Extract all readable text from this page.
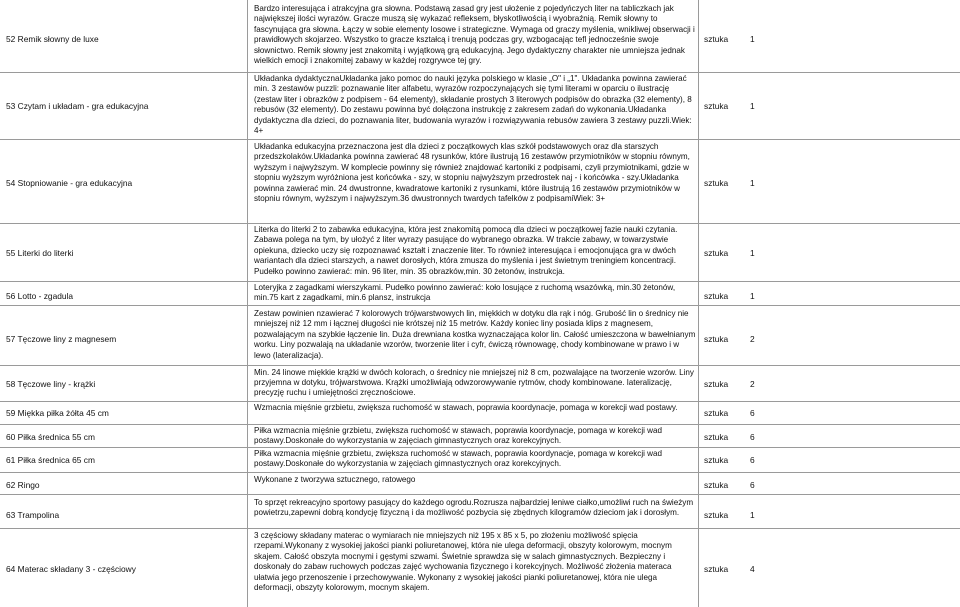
52 Remik słowny de luxe
Bardzo interesująca i atrakcyjna gra słowna. Podstawą zasad gry jest ułożenie z pojedyńczych liter na tabliczkach jak największej ilości wyrazów. Gracze muszą się wykazać refleksem, błyskotliwością i wyobraźnią. Remik słowny to fascynująca gra słowna. Łączy w sobie elementy losowe i strategiczne. Wymaga od graczy myślenia, wnikliwej obserwacji i prawidłowych skojarzeo. Wszystko to gracze kształcą i trenują podczas gry, wzbogacając tefl jednocześnie swoje słownictwo. Remik słowny jest znakomitą i wyjątkową grą edukacyjną. Jego dydaktyczny charakter nie umniejsza jednak wielkich emocji i znakomitej zabawy w każdej rozgrywce tej gry.
sztuka	1
53 Czytam i układam - gra edukacyjna
Układanka dydaktycznaUkładanka jako pomoc do nauki języka polskiego w klasie „O" i „1". Układanka powinna zawierać min. 3 zestawów puzzli: poznawanie liter alfabetu, wyrazów rozpoczynających się tymi literami w oparciu o ilustrację (zestaw liter i obrazków z podpisem - 64 elementy), składanie prostych 3 literowych podpisów do obrazka (32 elementy), 8 rebusów (32 elementy). Do zestawu powinna być dołączona instrukcję z zakresem zadań do wykonania.Układanka dydaktyczna dla dzieci, do poznawania liter, budowania wyrazów i rozwiązywania rebusów zawiera 3 zestawy puzzli.Wiek: 4+
sztuka	1
54 Stopniowanie - gra edukacyjna
Układanka edukacyjna przeznaczona jest dla dzieci z początkowych klas szkół podstawowych oraz dla starszych przedszkolaków.Układanka powinna zawierać 48 rysunków, które ilustrują 16 zestawów przymiotników w stopniu równym, wyższym i najwyższym. W komplecie powinny się również znajdować kartoniki z podpisami, czyli przymiotnikami, gdzie w stopniu wyższym wyróżniona jest końcówka - szy, w stopniu najwyższym przedrostek naj - i końcówka - szy.Układanka powinna zawierać min. 24 dwustronne, kwadratowe kartoniki z rysunkami, które ilustrują 16 zestawów przymiotników w stopniu równym, wyższym i najwyższym.36 dwustronnych twardych tafelków z podpisamiWiek: 3+
sztuka	1
55 Literki do literki
Literka do literki 2 to zabawka edukacyjna, która jest znakomitą pomocą dla dzieci w początkowej fazie nauki czytania. Zabawa polega na tym, by ułożyć z liter wyrazy pasujące do wybranego obrazka. W trakcie zabawy, w towarzystwie opiekuna, dziecko uczy się rozpoznawać kształt i znaczenie liter. To również interesująca i emocjonująca gra w dwóch wariantach dla dzieci starszych, a nawet dorosłych, która zmusza do myślenia i jest świetnym treningiem koncentracji. Pudełko powinno zawierać: min. 96 liter, min. 35 obrazków,min. 30 żetonów, instrukcja.
sztuka	1
56 Lotto - zgadula
Loteryjka z zagadkami wierszykami. Pudełko powinno zawierać: koło losujące z ruchomą wsazówką, min.30 żetonów, min.75 kart z zagadkami, min.6 plansz, instrukcja	sztuka	1
57 Tęczowe liny z magnesem
Zestaw powinien nzawierać 7 kolorowych trójwarstwowych lin, miękkich w dotyku dla rąk i nóg. Grubość lin o średnicy nie mniejszej niż 12 mm i łącznej długości nie krótszej niż 15 metrów. Każdy koniec liny posiada klips z magnesem, pozwalającym na szybkie łączenie lin. Duża drewniana kostka wyznaczająca kolor lin. Całość umieszczona w bawełnianym worku. Liny pozwalają na układanie wzorów, tworzenie liter i cyfr, ćwiczą równowagę, chody kombinowane w prawo i w lewo (lateralizacja).
sztuka	2
58 Tęczowe liny - krążki
Min. 24 linowe miękkie krążki w dwóch kolorach, o średnicy nie mniejszej niż 8 cm, pozwalające na tworzenie wzorów. Liny przyjemna w dotyku, trójwarstwowa. Krążki umożliwiają odwzorowywanie rytmów, chody kombinowane. lateralizację, precyzję ruchu i umiejętności zręcznościowe.
sztuka	2
59 Miękka piłka żółta 45 cm
Wzmacnia mięśnie grzbietu, zwiększa ruchomość w stawach, poprawia koordynacje, pomaga w korekcji wad postawy.
sztuka	6
60 Piłka średnica 55 cm
Piłka wzmacnia mięśnie grzbietu, zwiększa ruchomość w stawach, poprawia koordynacje, pomaga w korekcji wad postawy.Doskonałe do wykorzystania w zajęciach gimnastycznych oraz korekcyjnych.	sztuka	6
61 Piłka średnica 65 cm
Piłka wzmacnia mięśnie grzbietu, zwiększa ruchomość w stawach, poprawia koordynacje, pomaga w korekcji wad postawy.Doskonałe do wykorzystania w zajęciach gimnastycznych oraz korekcyjnych.	sztuka	6
62 Ringo
Wykonane z tworzywa sztucznego, ratowego
sztuka	6
63 Trampolina
To sprzęt rekreacyjno sportowy pasujący do każdego ogrodu.Rozruszа najbardziej leniwe ciałko,umożliwi ruch na świeżym powietrzu,zapewni dobrą kondycję fizyczną i da możliwość pozbycia się zbędnych kilogramów dzieciom jak i dorosłym.	sztuka	1
64 Materac składany 3 - częściowy
3 częściowy składany materac o wymiarach nie mniejszych niż 195 x 85 x 5, po złożeniu możliwość spięcia rzepami.Wykonany z wysokiej jakości pianki poliuretanowej, która nie ulega deformacji, obszyty kolorowym, mocnym skajem. Całość obszyta mocnymi i gęstymi szwami. Świetnie sprawdza się w salach gimnastycznych. Bezpieczny i doskonały do zabaw ruchowych podczas zajęć wychowania fizycznego i korekcyjnych. Możliwość złożenia materaca ułatwia jego przenoszenie i przechowywanie. Wykonany z wysokiej jakości pianki poliuretanowej, która nie ulega deformacji, obszyty kolorowym, mocnym skajem.
sztuka	4
